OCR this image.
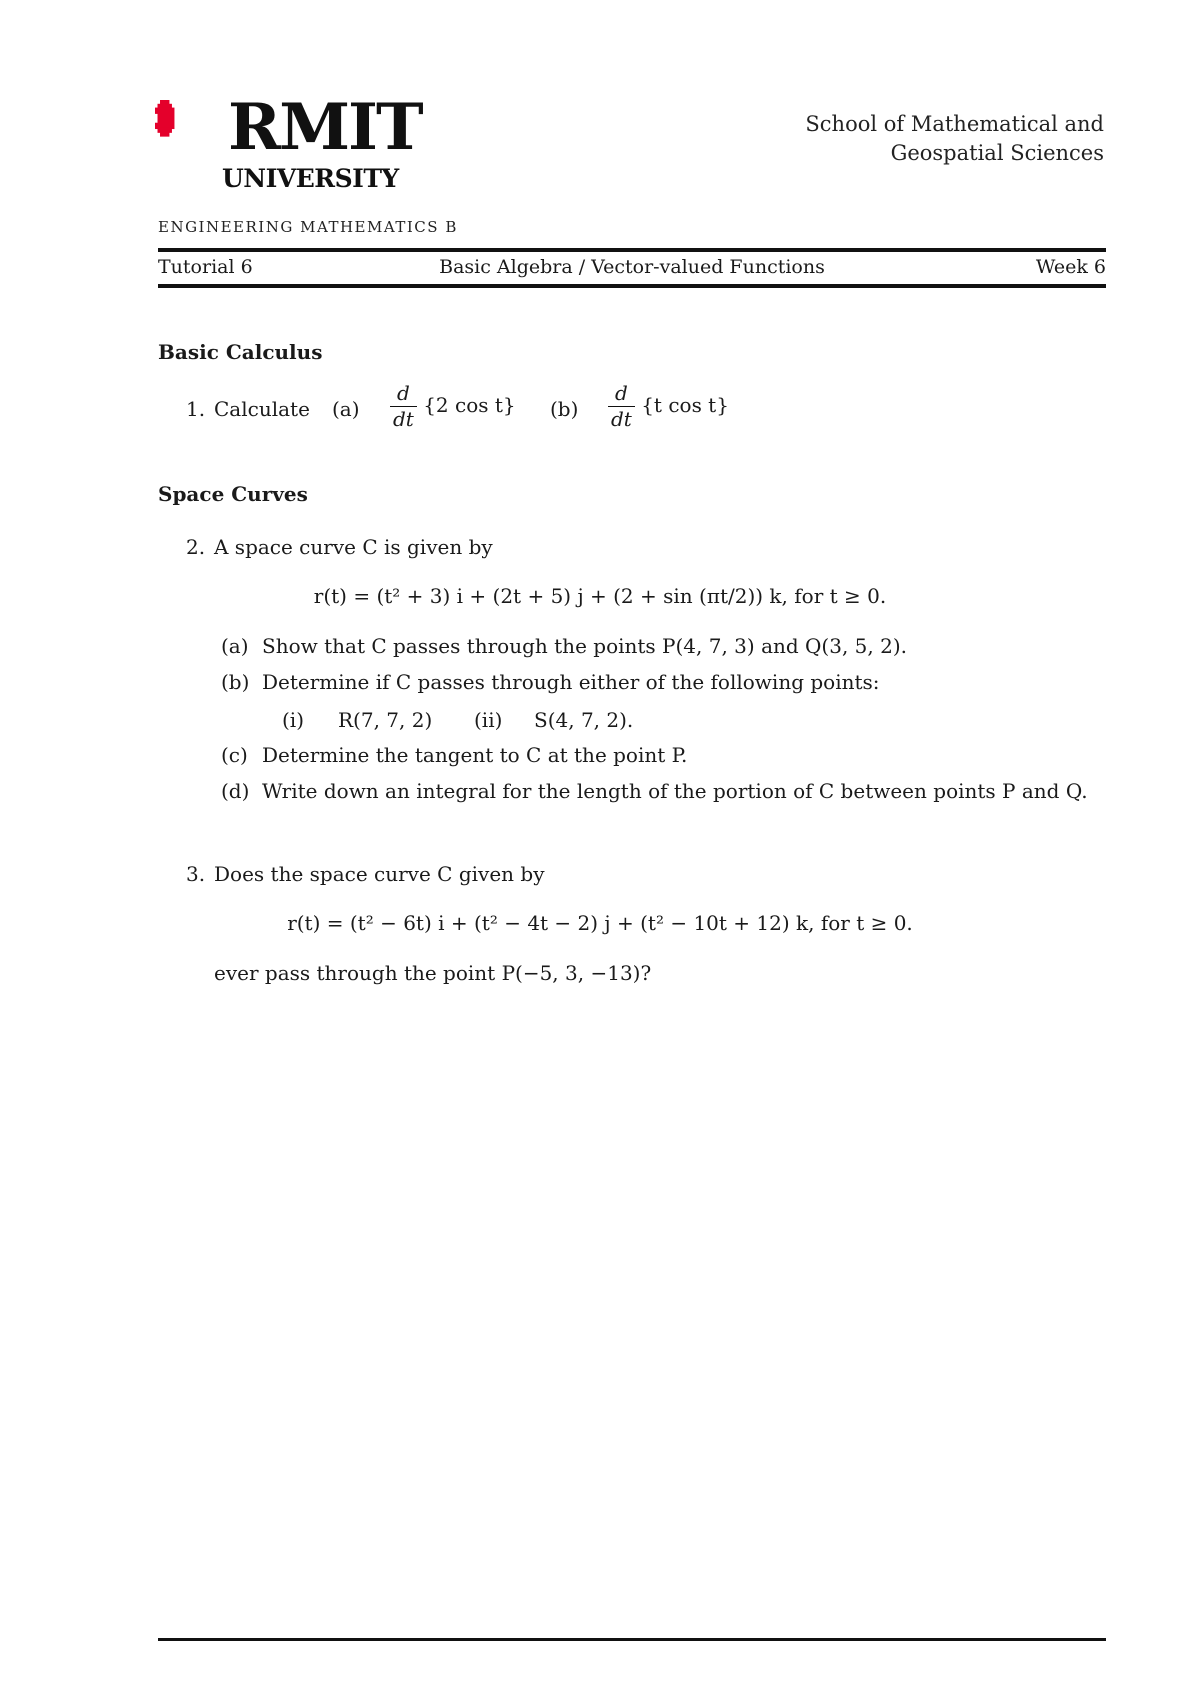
RMIT
UNIVERSITY
School of Mathematical and
Geospatial Sciences
ENGINEERING MATHEMATICS B
Tutorial 6	Basic Algebra / Vector-valued Functions	Week 6
Basic Calculus
1. Calculate $(a) \frac{d}{dt} \{2$ cos t} $(b) \frac{d}{dt} \{t$ cos t}
Space Curves
2. A space curve C is given by
r(t) = (t² + 3) i + (2t + 5) j + (2 + sin (πt/2)) k, for t ≥ 0.
(a) Show that C passes through the points P(4, 7, 3) and Q(3, 5, 2).
(b) Determine if C passes through either of the following points:
(i) R(7, 7, 2) (ii) S(4, 7, 2).
(c) Determine the tangent to C at the point P.
(d) Write down an integral for the length of the portion of C between points P and Q.
3. Does the space curve C given by
r(t) = (t² − 6t) i + (t² − 4t − 2) j + (t² − 10t + 12) k, for t ≥ 0.
ever pass through the point P(−5, 3, −13)?
